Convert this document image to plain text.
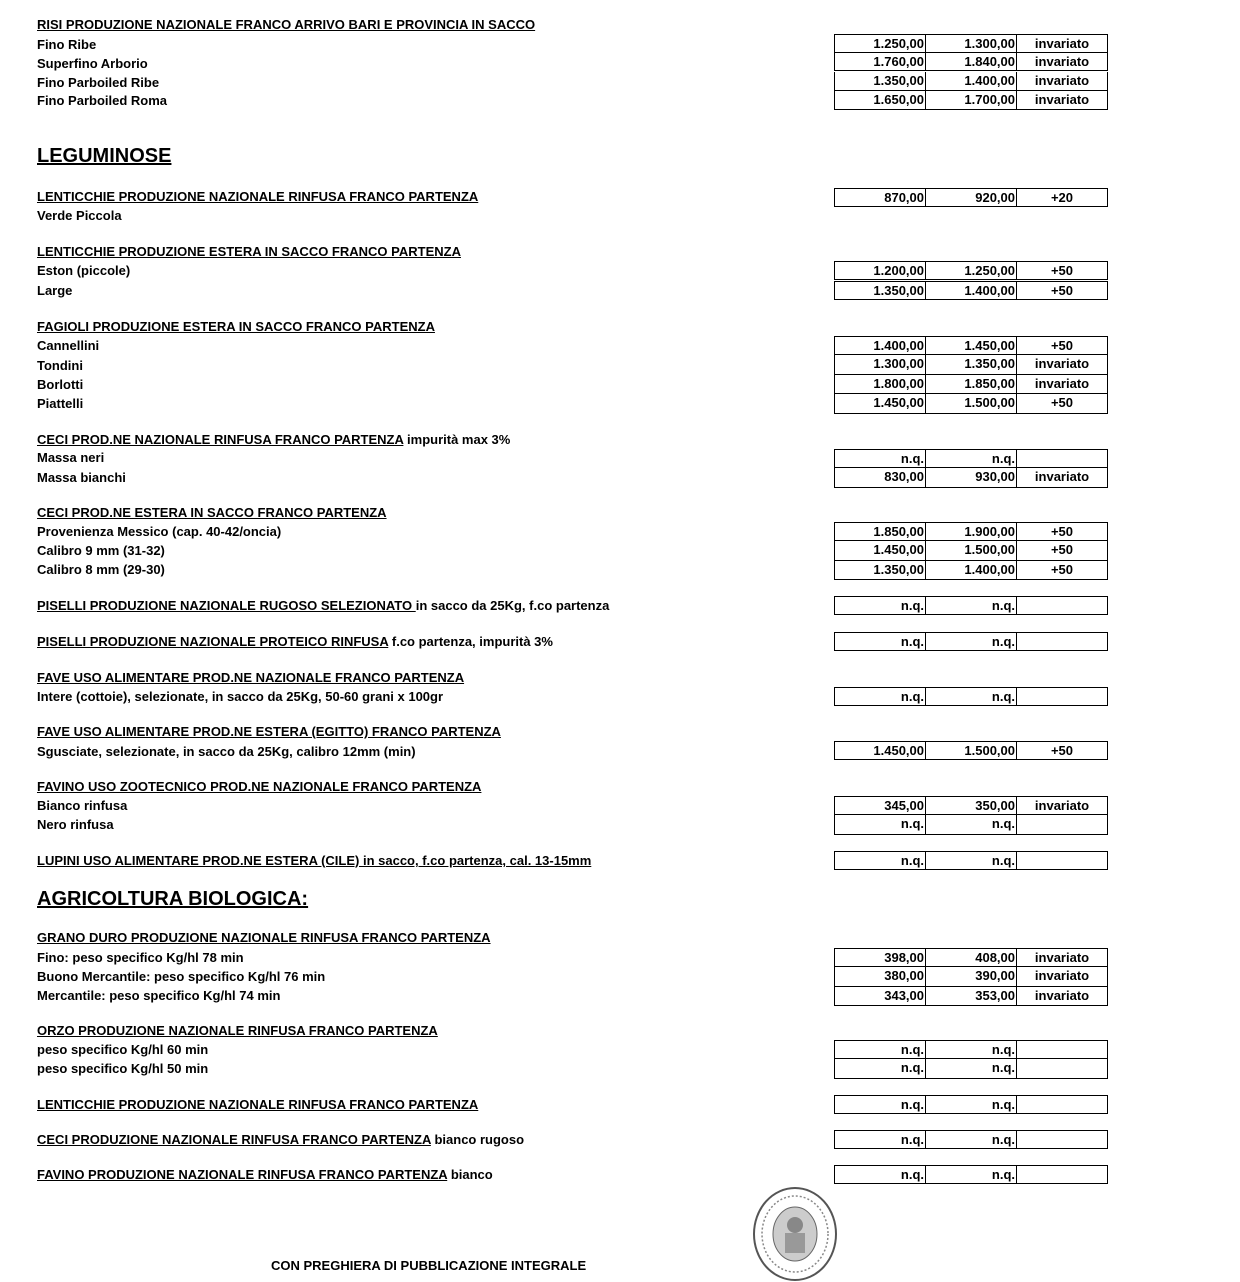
RISI PRODUZIONE NAZIONALE FRANCO ARRIVO BARI E PROVINCIA IN SACCO
Fino Ribe	1.250,00	1.300,00	invariato
Superfino Arborio	1.760,00	1.840,00	invariato
Fino Parboiled Ribe	1.350,00	1.400,00	invariato
Fino Parboiled Roma	1.650,00	1.700,00	invariato
LEGUMINOSE
LENTICCHIE PRODUZIONE NAZIONALE RINFUSA FRANCO PARTENZA	870,00	920,00	+20
Verde Piccola
LENTICCHIE PRODUZIONE ESTERA IN SACCO FRANCO PARTENZA
Eston (piccole)	1.200,00	1.250,00	+50
Large	1.350,00	1.400,00	+50
FAGIOLI PRODUZIONE ESTERA IN SACCO FRANCO PARTENZA
Cannellini	1.400,00	1.450,00	+50
Tondini	1.300,00	1.350,00	invariato
Borlotti	1.800,00	1.850,00	invariato
Piattelli	1.450,00	1.500,00	+50
CECI PROD.NE NAZIONALE RINFUSA FRANCO PARTENZA impurità max 3%
Massa neri	n.q.	n.q.
Massa bianchi	830,00	930,00	invariato
CECI PROD.NE ESTERA IN SACCO FRANCO PARTENZA
Provenienza Messico (cap. 40-42/oncia)	1.850,00	1.900,00	+50
Calibro 9 mm (31-32)	1.450,00	1.500,00	+50
Calibro 8 mm (29-30)	1.350,00	1.400,00	+50
PISELLI PRODUZIONE NAZIONALE RUGOSO SELEZIONATO in sacco da 25Kg, f.co partenza	n.q.	n.q.
PISELLI PRODUZIONE NAZIONALE PROTEICO RINFUSA f.co partenza, impurità 3%	n.q.	n.q.
FAVE USO ALIMENTARE PROD.NE NAZIONALE FRANCO PARTENZA
Intere (cottoie), selezionate, in sacco da 25Kg, 50-60 grani x 100gr	n.q.	n.q.
FAVE USO ALIMENTARE PROD.NE ESTERA (EGITTO) FRANCO PARTENZA
Sgusciate, selezionate, in sacco da 25Kg, calibro 12mm (min)	1.450,00	1.500,00	+50
FAVINO USO ZOOTECNICO PROD.NE NAZIONALE FRANCO PARTENZA
Bianco rinfusa	345,00	350,00	invariato
Nero rinfusa	n.q.	n.q.
LUPINI USO ALIMENTARE PROD.NE ESTERA (CILE) in sacco, f.co partenza, cal. 13-15mm	n.q.	n.q.
AGRICOLTURA BIOLOGICA:
GRANO DURO PRODUZIONE NAZIONALE RINFUSA FRANCO PARTENZA
Fino: peso specifico Kg/hl 78 min	398,00	408,00	invariato
Buono Mercantile: peso specifico Kg/hl 76 min	380,00	390,00	invariato
Mercantile: peso specifico Kg/hl 74 min	343,00	353,00	invariato
ORZO PRODUZIONE NAZIONALE RINFUSA FRANCO PARTENZA
peso specifico Kg/hl 60 min	n.q.	n.q.
peso specifico Kg/hl 50 min	n.q.	n.q.
LENTICCHIE PRODUZIONE NAZIONALE RINFUSA FRANCO PARTENZA	n.q.	n.q.
CECI PRODUZIONE NAZIONALE RINFUSA FRANCO PARTENZA bianco rugoso	n.q.	n.q.
FAVINO PRODUZIONE NAZIONALE RINFUSA FRANCO PARTENZA bianco	n.q.	n.q.
CON PREGHIERA DI PUBBLICAZIONE INTEGRALE
